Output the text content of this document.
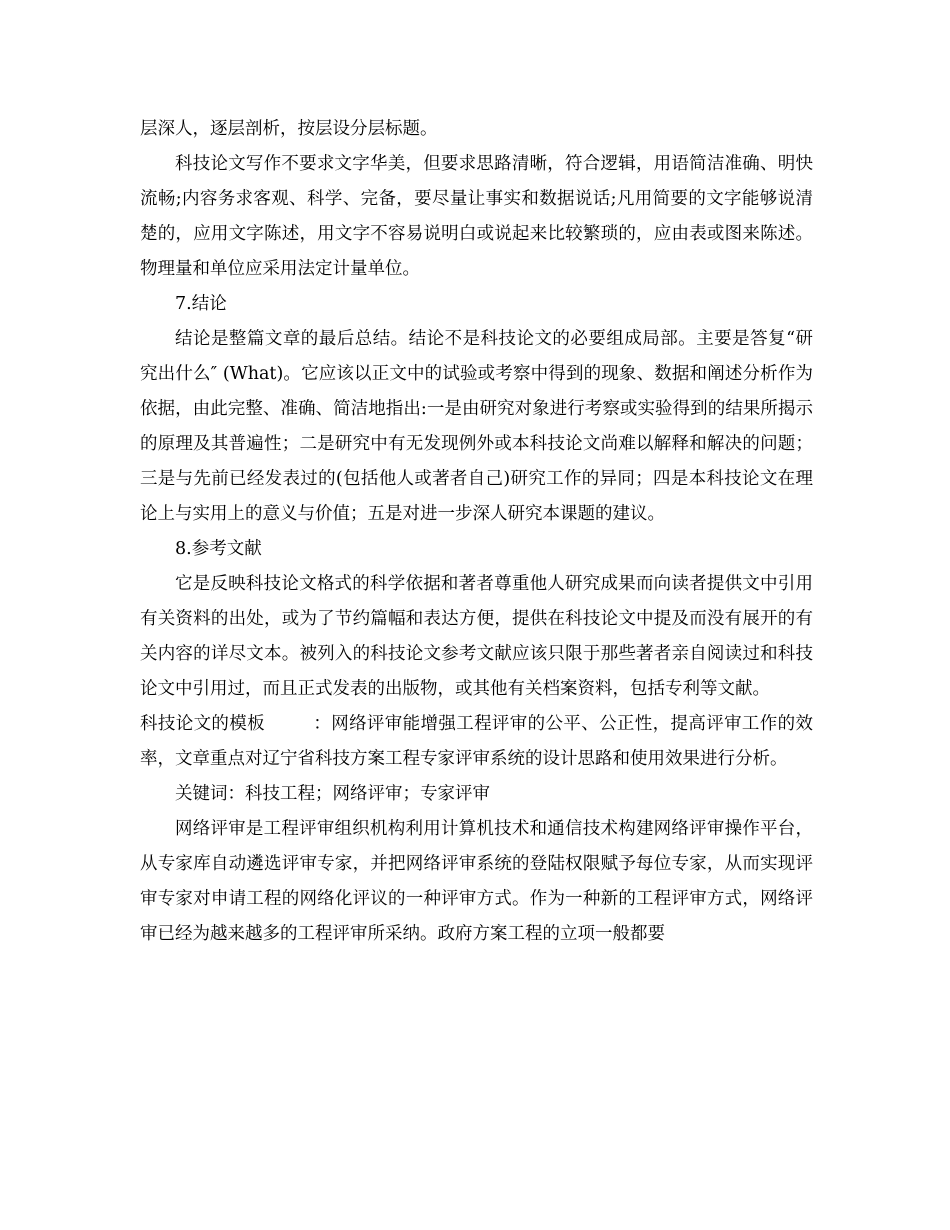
层深人，逐层剖析，按层设分层标题。

科技论文写作不要求文字华美，但要求思路清晰，符合逻辑，用语简洁准确、明快流畅;内容务求客观、科学、完备，要尽量让事实和数据说话;凡用简要的文字能够说清楚的，应用文字陈述，用文字不容易说明白或说起来比较繁琐的，应由表或图来陈述。物理量和单位应采用法定计量单位。

7.结论

结论是整篇文章的最后总结。结论不是科技论文的必要组成局部。主要是答复“研究出什么″ (What)。它应该以正文中的试验或考察中得到的现象、数据和阐述分析作为依据，由此完整、准确、简洁地指出:一是由研究对象进行考察或实验得到的结果所揭示的原理及其普遍性；二是研究中有无发现例外或本科技论文尚难以解释和解决的问题；三是与先前已经发表过的(包括他人或著者自己)研究工作的异同；四是本科技论文在理论上与实用上的意义与价值；五是对进一步深人研究本课题的建议。

8.参考文献

它是反映科技论文格式的科学依据和著者尊重他人研究成果而向读者提供文中引用有关资料的出处，或为了节约篇幅和表达方便，提供在科技论文中提及而没有展开的有关内容的详尽文本。被列入的科技论文参考文献应该只限于那些著者亲自阅读过和科技论文中引用过，而且正式发表的出版物，或其他有关档案资料，包括专利等文献。

科技论文的模板	：网络评审能增强工程评审的公平、公正性，提高评审工作的效率，文章重点对辽宁省科技方案工程专家评审系统的设计思路和使用效果进行分析。

关键词：科技工程；网络评审；专家评审

网络评审是工程评审组织机构利用计算机技术和通信技术构建网络评审操作平台，从专家库自动遴选评审专家，并把网络评审系统的登陆权限赋予每位专家，从而实现评审专家对申请工程的网络化评议的一种评审方式。作为一种新的工程评审方式，网络评审已经为越来越多的工程评审所采纳。政府方案工程的立项一般都要
